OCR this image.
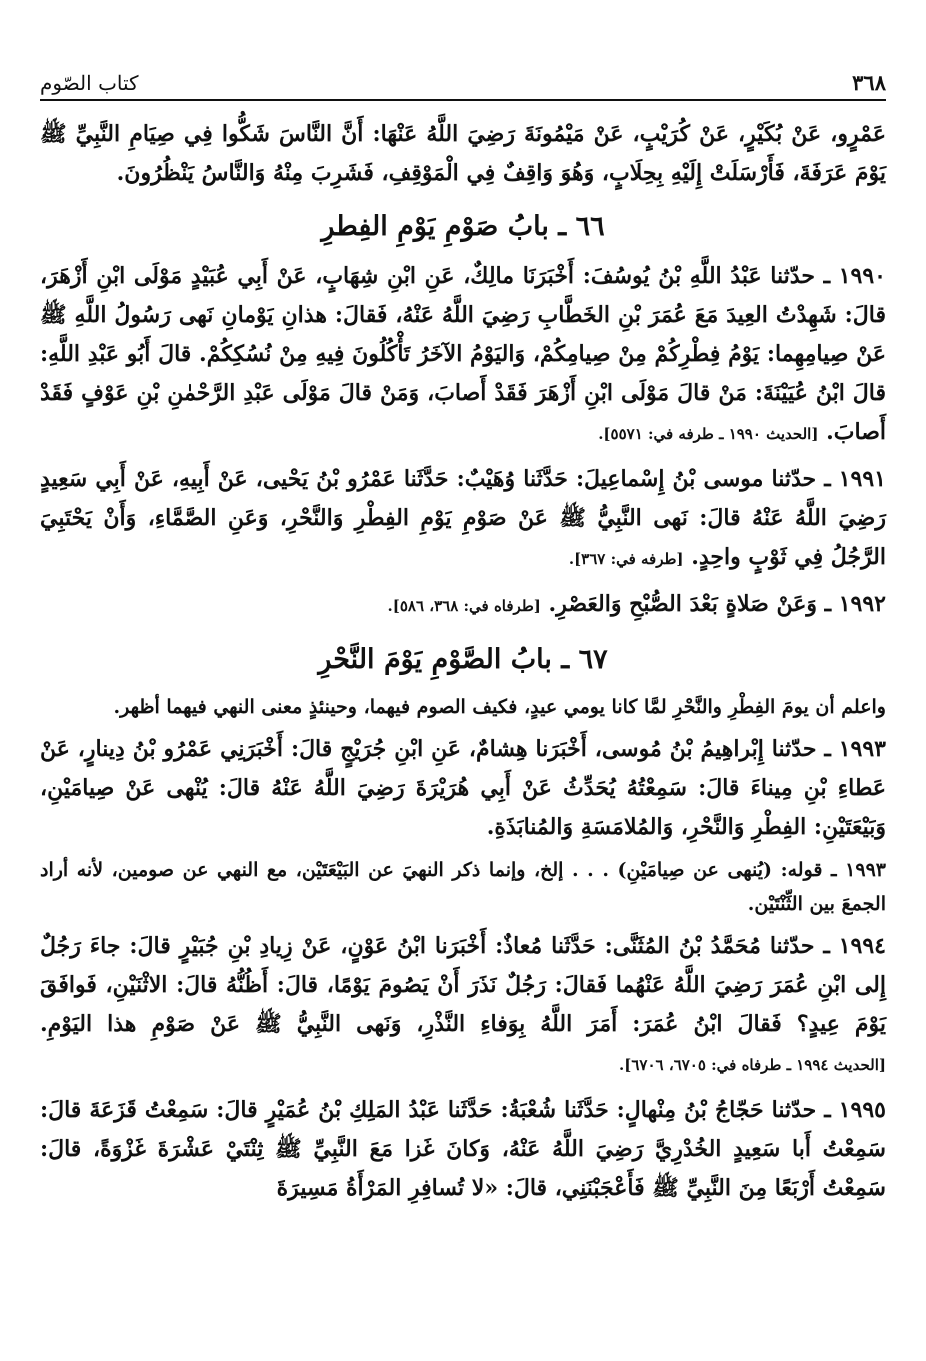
٣٦٨
كتاب الصّوم

عَمْرٍو، عَنْ بُكَيْرٍ، عَنْ كُرَيْبٍ، عَنْ مَيْمُونَةَ رَضِيَ اللَّهُ عَنْهَا: أَنَّ النَّاسَ شَكُّوا فِي صِيَامِ النَّبِيِّ ﷺ يَوْمَ عَرَفَةَ، فَأَرْسَلَتْ إِلَيْهِ بِحِلَابٍ، وَهُوَ وَاقِفٌ فِي الْمَوْقِفِ، فَشَرِبَ مِنْهُ وَالنَّاسُ يَنْظُرُونَ.

٦٦ ـ بابُ صَوْمِ يَوْمِ الفِطرِ

١٩٩٠ ـ حدّثنا عَبْدُ اللَّهِ بْنُ يُوسُفَ: أَخْبَرَنَا مالِكٌ، عَنِ ابْنِ شِهَابٍ، عَنْ أَبِي عُبَيْدٍ مَوْلَى ابْنِ أَزْهَرَ، قالَ: شَهِدْتُ العِيدَ مَعَ عُمَرَ بْنِ الخَطَّابِ رَضِيَ اللَّهُ عَنْهُ، فَقالَ: هذانِ يَوْمانِ نَهى رَسُولُ اللَّهِ ﷺ عَنْ صِيامِهِما: يَوْمُ فِطْرِكُمْ مِنْ صِيامِكُمْ، وَاليَوْمُ الآخَرُ تَأْكُلُونَ فِيهِ مِنْ نُسُكِكُمْ. قالَ أَبُو عَبْدِ اللَّهِ: قالَ ابْنُ عُيَيْنَةَ: مَنْ قالَ مَوْلَى ابْنِ أَزْهَرَ فَقَدْ أَصابَ، وَمَنْ قالَ مَوْلَى عَبْدِ الرَّحْمٰنِ بْنِ عَوْفٍ فَقَدْ أَصابَ. [الحديث ١٩٩٠ ـ طرفه في: ٥٥٧١].

١٩٩١ ـ حدّثنا موسى بْنُ إِسْماعِيلَ: حَدَّثَنا وُهَيْبٌ: حَدَّثَنا عَمْرُو بْنُ يَحْيى، عَنْ أَبِيهِ، عَنْ أَبِي سَعِيدٍ رَضِيَ اللَّهُ عَنْهُ قالَ: نَهى النَّبِيُّ ﷺ عَنْ صَوْمِ يَوْمِ الفِطْرِ وَالنَّحْرِ، وَعَنِ الصَّمَّاءِ، وَأَنْ يَحْتَبِيَ الرَّجُلُ فِي ثَوْبٍ واحِدٍ. [طرفه في: ٣٦٧].

١٩٩٢ ـ وَعَنْ صَلاةٍ بَعْدَ الصُّبْحِ وَالعَصْرِ. [طرفاه في: ٣٦٨، ٥٨٦].

٦٧ ـ بابُ الصَّوْمِ يَوْمَ النَّحْرِ

واعلم أن يومَ الفِطْرِ والنَّحْرِ لمَّا كانا يومي عيدٍ، فكيف الصوم فيهما، وحينئذٍ معنى النهي فيهما أظهر.

١٩٩٣ ـ حدّثنا إِبْراهِيمُ بْنُ مُوسى، أَخْبَرَنا هِشامٌ، عَنِ ابْنِ جُرَيْجٍ قالَ: أَخْبَرَنِي عَمْرُو بْنُ دِينارٍ، عَنْ عَطاءِ بْنِ مِيناءَ قالَ: سَمِعْتُهُ يُحَدِّثُ عَنْ أَبِي هُرَيْرَةَ رَضِيَ اللَّهُ عَنْهُ قالَ: يُنْهى عَنْ صِيامَيْنِ، وَبَيْعَتَيْنِ: الفِطْرِ وَالنَّحْرِ، وَالمُلامَسَةِ وَالمُنابَذَةِ.

١٩٩٣ ـ قوله: (يُنهى عن صِيامَيْنِ) . . . إلخ، وإنما ذكر النهيَ عن البَيْعَتَيْن، مع النهي عن صومين، لأنه أراد الجمعَ بين الثِّنْتَيْن.

١٩٩٤ ـ حدّثنا مُحَمَّدُ بْنُ المُثَنَّى: حَدَّثَنا مُعاذٌ: أَخْبَرَنا ابْنُ عَوْنٍ، عَنْ زِيادِ بْنِ جُبَيْرٍ قالَ: جاءَ رَجُلٌ إِلى ابْنِ عُمَرَ رَضِيَ اللَّهُ عَنْهُما فَقالَ: رَجُلٌ نَذَرَ أَنْ يَصُومَ يَوْمًا، قالَ: أَظُنُّهُ قالَ: الاثْنَيْنِ، فَوافَقَ يَوْمَ عِيدٍ؟ فَقالَ ابْنُ عُمَرَ: أَمَرَ اللَّهُ بِوَفاءِ النَّذْرِ، وَنَهى النَّبِيُّ ﷺ عَنْ صَوْمِ هذا اليَوْمِ. [الحديث ١٩٩٤ ـ طرفاه في: ٦٧٠٥، ٦٧٠٦].

١٩٩٥ ـ حدّثنا حَجّاجُ بْنُ مِنْهالٍ: حَدَّثَنا شُعْبَةُ: حَدَّثَنا عَبْدُ المَلِكِ بْنُ عُمَيْرٍ قالَ: سَمِعْتُ قَزَعَةَ قالَ: سَمِعْتُ أَبا سَعِيدٍ الخُدْرِيَّ رَضِيَ اللَّهُ عَنْهُ، وَكانَ غَزا مَعَ النَّبِيِّ ﷺ ثِنْتَيْ عَشْرَةَ غَزْوَةً، قالَ: سَمِعْتُ أَرْبَعًا مِنَ النَّبِيِّ ﷺ فَأَعْجَبْنَنِي، قالَ: «لا تُسافِرِ المَرْأَةُ مَسِيرَةَ
